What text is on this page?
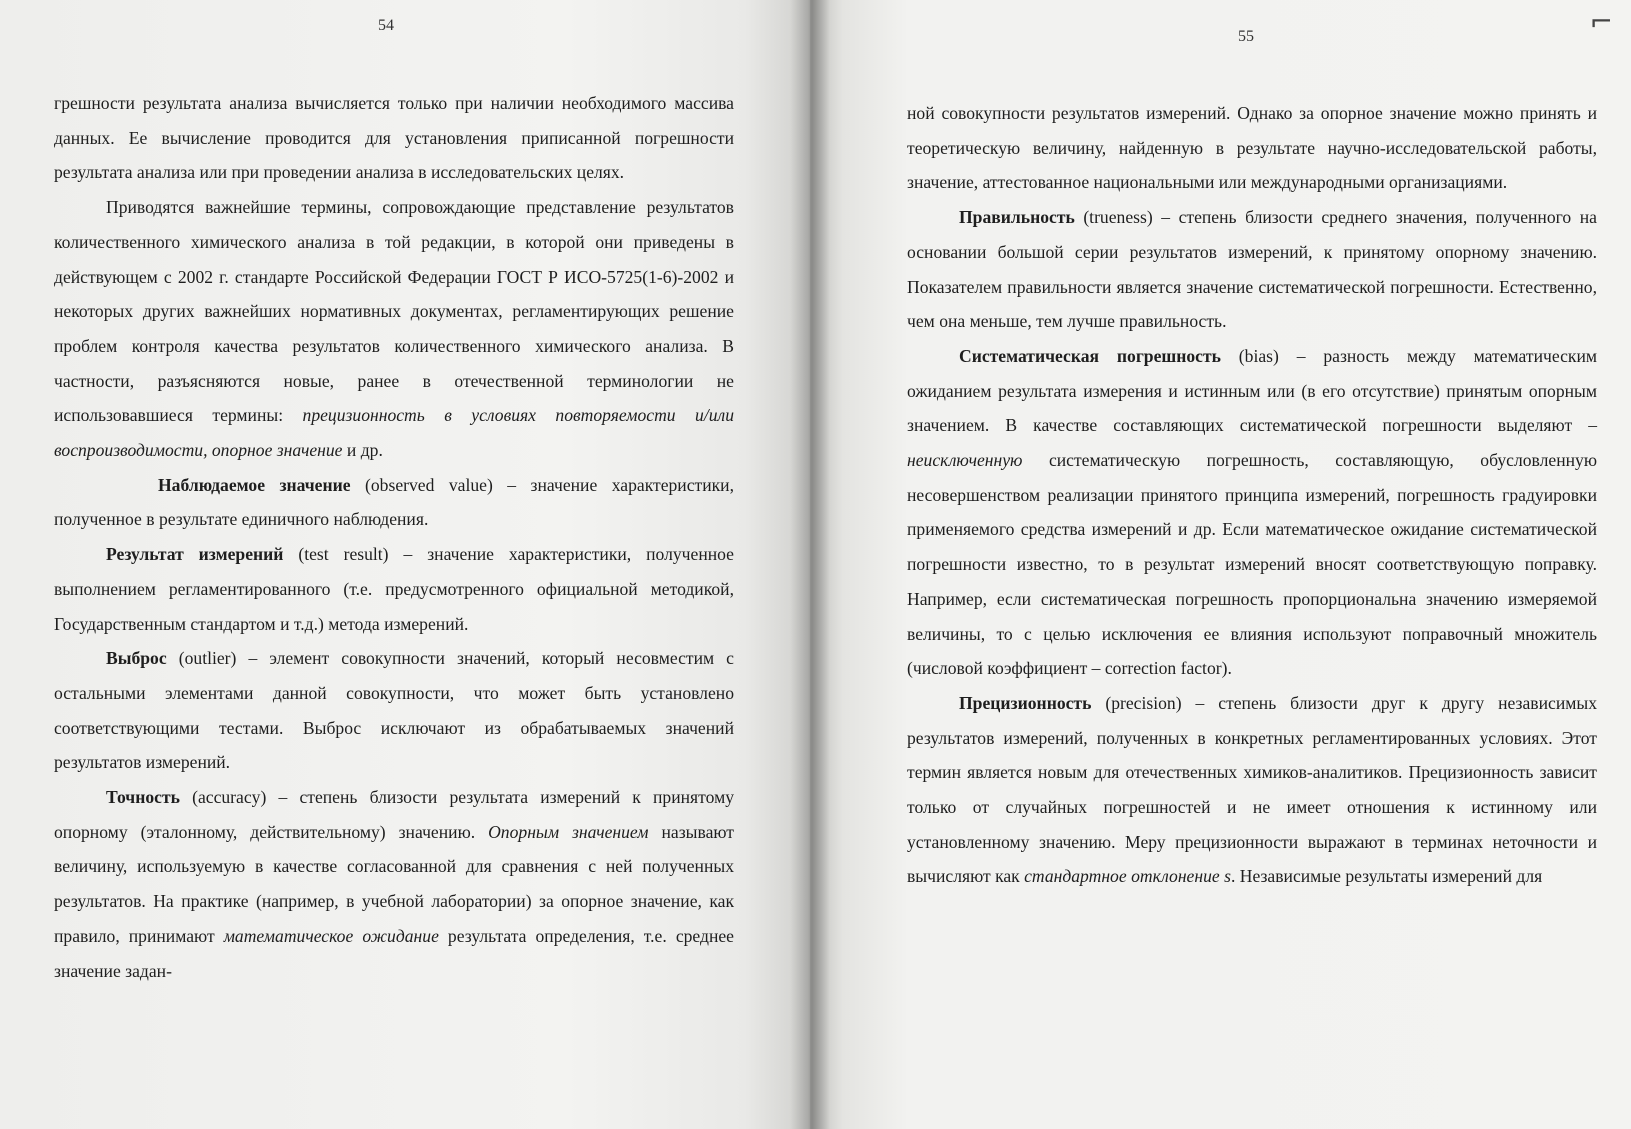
54

грешности результата анализа вычисляется только при наличии необходимого массива данных. Ее вычисление проводится для установления приписанной погрешности результата анализа или при проведении анализа в исследовательских целях.

Приводятся важнейшие термины, сопровождающие представление результатов количественного химического анализа в той редакции, в которой они приведены в действующем с 2002 г. стандарте Российской Федерации ГОСТ Р ИСО-5725(1-6)-2002 и некоторых других важнейших нормативных документах, регламентирующих решение проблем контроля качества результатов количественного химического анализа. В частности, разъясняются новые, ранее в отечественной терминологии не использовавшиеся термины: прецизионность в условиях повторяемости и/или воспроизводимости, опорное значение и др.

Наблюдаемое значение (observed value) – значение характеристики, полученное в результате единичного наблюдения.

Результат измерений (test result) – значение характеристики, полученное выполнением регламентированного (т.е. предусмотренного официальной методикой, Государственным стандартом и т.д.) метода измерений.

Выброс (outlier) – элемент совокупности значений, который несовместим с остальными элементами данной совокупности, что может быть установлено соответствующими тестами. Выброс исключают из обрабатываемых значений результатов измерений.

Точность (accuracy) – степень близости результата измерений к принятому опорному (эталонному, действительному) значению. Опорным значением называют величину, используемую в качестве согласованной для сравнения с ней полученных результатов. На практике (например, в учебной лаборатории) за опорное значение, как правило, принимают математическое ожидание результата определения, т.е. среднее значение задан-

55	⌐

ной совокупности результатов измерений. Однако за опорное значение можно принять и теоретическую величину, найденную в результате научно-исследовательской работы, значение, аттестованное национальными или международными организациями.

Правильность (trueness) – степень близости среднего значения, полученного на основании большой серии результатов измерений, к принятому опорному значению. Показателем правильности является значение систематической погрешности. Естественно, чем она меньше, тем лучше правильность.

Систематическая погрешность (bias) – разность между математическим ожиданием результата измерения и истинным или (в его отсутствие) принятым опорным значением. В качестве составляющих систематической погрешности выделяют – неисключенную систематическую погрешность, составляющую, обусловленную несовершенством реализации принятого принципа измерений, погрешность градуировки применяемого средства измерений и др. Если математическое ожидание систематической погрешности известно, то в результат измерений вносят соответствующую поправку. Например, если систематическая погрешность пропорциональна значению измеряемой величины, то с целью исключения ее влияния используют поправочный множитель (числовой коэффициент – correction factor).

Прецизионность (precision) – степень близости друг к другу независимых результатов измерений, полученных в конкретных регламентированных условиях. Этот термин является новым для отечественных химиков-аналитиков. Прецизионность зависит только от случайных погрешностей и не имеет отношения к истинному или установленному значению. Меру прецизионности выражают в терминах неточности и вычисляют как стандартное отклонение s. Независимые результаты измерений для
